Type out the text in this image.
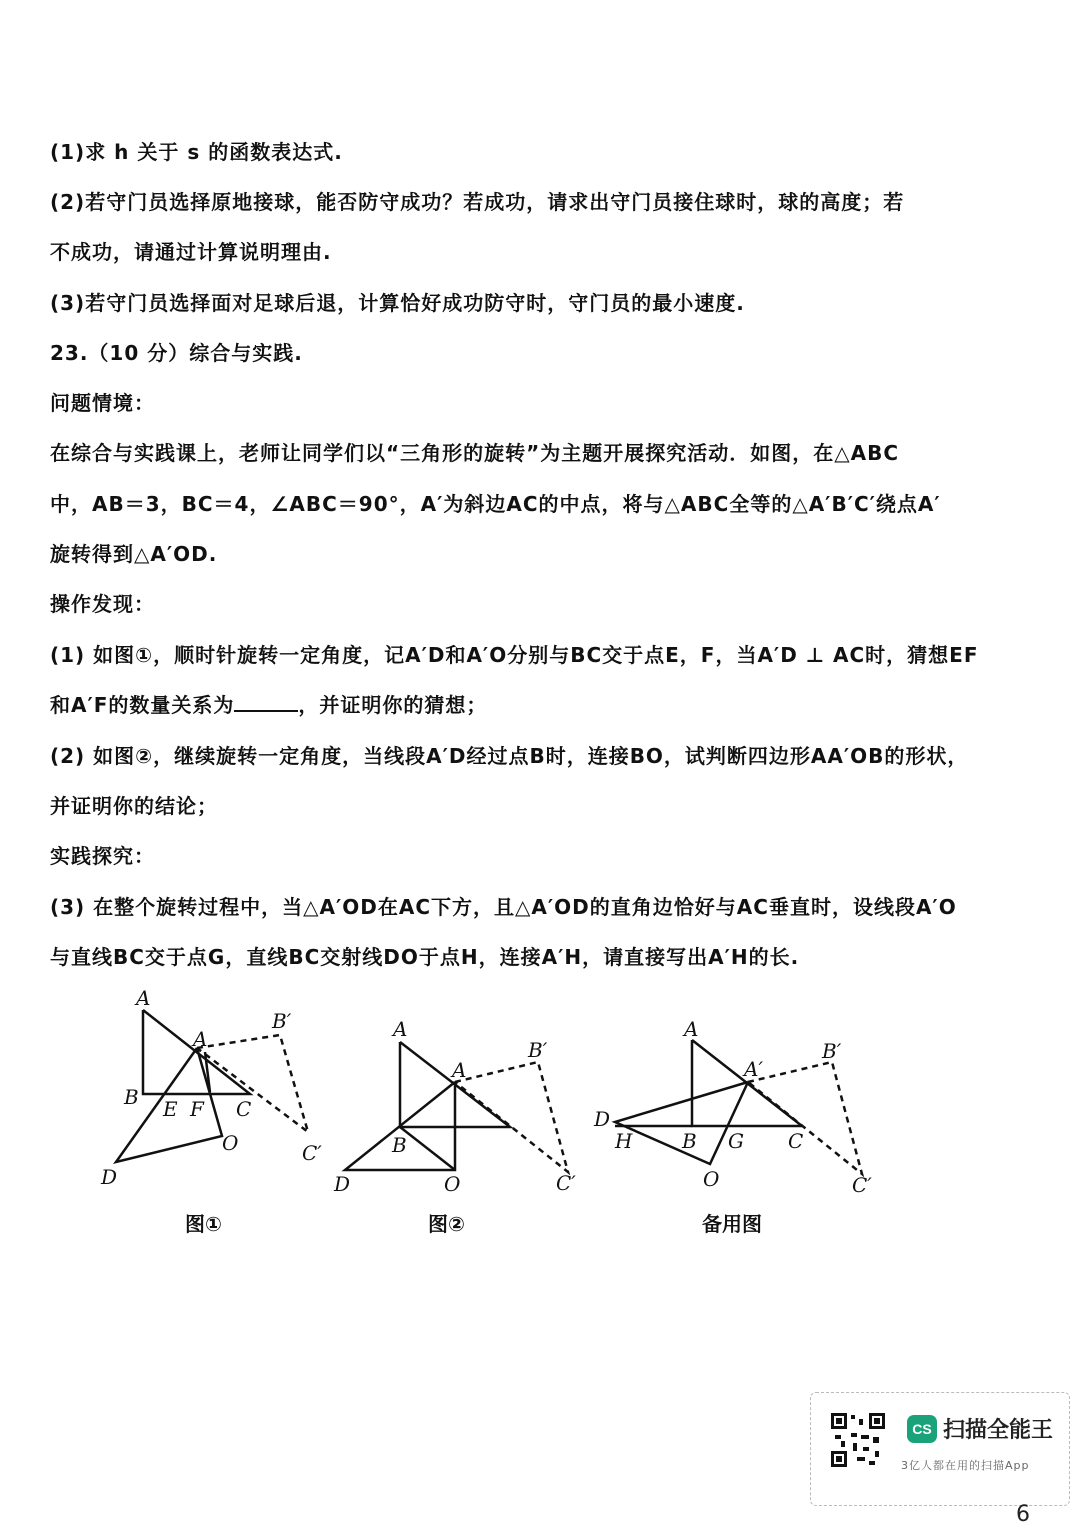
(1)求 h 关于 s 的函数表达式.
(2)若守门员选择原地接球，能否防守成功？若成功，请求出守门员接住球时，球的高度；若
不成功，请通过计算说明理由.
(3)若守门员选择面对足球后退，计算恰好成功防守时，守门员的最小速度.
23.（10 分）综合与实践.
问题情境：
在综合与实践课上，老师让同学们以“三角形的旋转”为主题开展探究活动．如图，在△ABC
中，AB＝3，BC＝4，∠ABC＝90°，A′为斜边AC的中点，将与△ABC全等的△A′B′C′绕点A′
旋转得到△A′OD.
操作发现：
(1) 如图①，顺时针旋转一定角度，记A′D和A′O分别与BC交于点E，F，当A′D ⊥ AC时，猜想EF
和A′F的数量关系为	，并证明你的猜想；
(2) 如图②，继续旋转一定角度，当线段A′D经过点B时，连接BO，试判断四边形AA′OB的形状，
并证明你的结论；
实践探究：
(3) 在整个旋转过程中，当△A′OD在AC下方，且△A′OD的直角边恰好与AC垂直时，设线段A′O
与直线BC交于点G，直线BC交射线DO于点H，连接A′H，请直接写出A′H的长.
A
A
B′
B E F C
O	C′
D
A
A
B′
B
D	O	C′
A
A′
B′
D
H B G C
O	C′
图①	图②	备用图
CS 扫描全能王
3亿人都在用的扫描App
6
